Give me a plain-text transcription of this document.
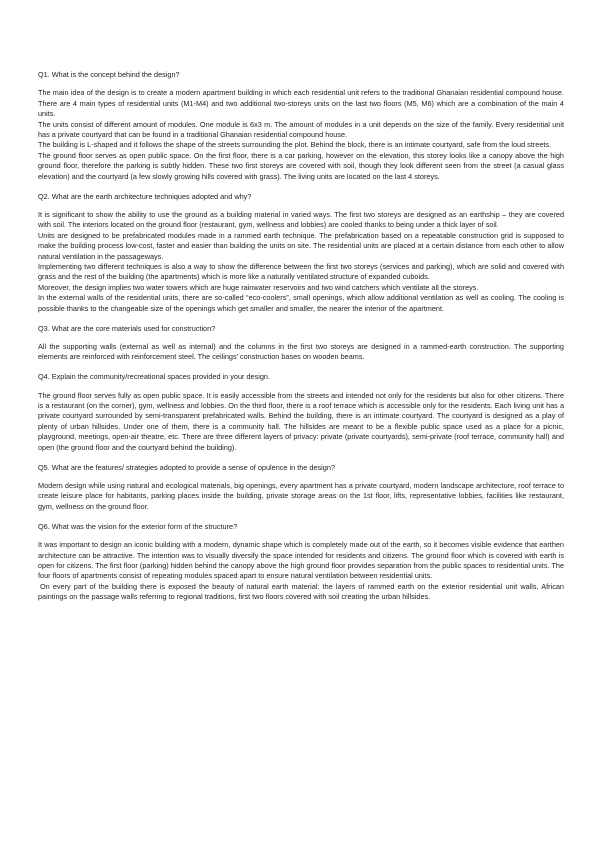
Q1. What is the concept behind the design?

The main idea of the design is to create a modern apartment building in which each residential unit refers to the traditional Ghanaian residential compound house. There are 4 main types of residential units (M1-M4) and two additional two-storeys units on the last two floors (M5, M6) which are a combination of the main 4 units.

The units consist of different amount of modules. One module is 6x3 m. The amount of modules in a unit depends on the size of the family. Every residential unit has a private courtyard that can be found in a traditional Ghanaian residential compound house.

The building is L-shaped and it follows the shape of the streets surrounding the plot. Behind the block, there is an intimate courtyard, safe from the loud streets.

The ground floor serves as open public space. On the first floor, there is a car parking, however on the elevation, this storey looks like a canopy above the high ground floor, therefore the parking is subtly hidden. These two first storeys are covered with soil, though they look different seen from the street (a casual glass elevation) and the courtyard (a few slowly growing hills covered with grass). The living units are located on the last 4 storeys.

Q2. What are the earth architecture techniques adopted and why?

It is significant to show the ability to use the ground as a building material in varied ways. The first two storeys are designed as an earthship – they are covered with soil. The interiors located on the ground floor (restaurant, gym, wellness and lobbies) are cooled thanks to being under a thick layer of soil.

Units are designed to be prefabricated modules made in a rammed earth technique. The prefabrication based on a repeatable construction grid is supposed to make the building process low-cost, faster and easier than building the units on site. The residential units are placed at a certain distance from each other to allow natural ventilation in the passageways.

Implementing two different techniques is also a way to show the difference between the first two storeys (services and parking), which are solid and covered with grass and the rest of the building (the apartments) which is more like a naturally ventilated structure of expanded cuboids.

Moreover, the design implies two water towers which are huge rainwater reservoirs and two wind catchers which ventilate all the storeys.

In the external walls of the residential units, there are so-called “eco-coolers”, small openings, which allow additional ventilation as well as cooling. The cooling is possible thanks to the changeable size of the openings which get smaller and smaller, the nearer the interior of the apartment.

Q3. What are the core materials used for construction?

All the supporting walls (external as well as internal) and the columns in the first two storeys are designed in a rammed-earth construction. The supporting elements are reinforced with reinforcement steel. The ceilings’ construction bases on wooden beams.

Q4. Explain the community/recreational spaces provided in your design.

The ground floor serves fully as open public space. It is easily accessible from the streets and intended not only for the residents but also for other citizens. There is a restaurant (on the corner), gym, wellness and lobbies. On the third floor, there is a roof terrace which is accessible only for the residents. Each living unit has a private courtyard surrounded by semi-transparent prefabricated walls. Behind the building, there is an intimate courtyard. The courtyard is designed as a play of plenty of urban hillsides. Under one of them, there is a community hall. The hillsides are meant to be a flexible public space used as a place for a picnic, playground, meetings, open-air theatre, etc. There are three different layers of privacy: private (private courtyards), semi-private (roof terrace, community hall) and open (the ground floor and the courtyard behind the building).

Q5. What are the features/ strategies adopted to provide a sense of opulence in the design?

Modern design while using natural and ecological materials, big openings, every apartment has a private courtyard, modern landscape architecture, roof terrace to create leisure place for habitants, parking places inside the building, private storage areas on the 1st floor, lifts, representative lobbies, facilities like restaurant, gym, wellness on the ground floor.

Q6. What was the vision for the exterior form of the structure?

It was important to design an iconic building with a modern, dynamic shape which is completely made out of the earth, so it becomes visible evidence that earthen architecture can be attractive. The intention was to visually diversify the space intended for residents and citizens. The ground floor which is covered with earth is open for citizens. The first floor (parking) hidden behind the canopy above the high ground floor provides separation from the public spaces to residential units. The four floors of apartments consist of repeating modules spaced apart to ensure natural ventilation between residential units.

On every part of the building there is exposed the beauty of natural earth material: the layers of rammed earth on the exterior residential unit walls, African paintings on the passage walls referring to regional traditions, first two floors covered with soil creating the urban hillsides.
